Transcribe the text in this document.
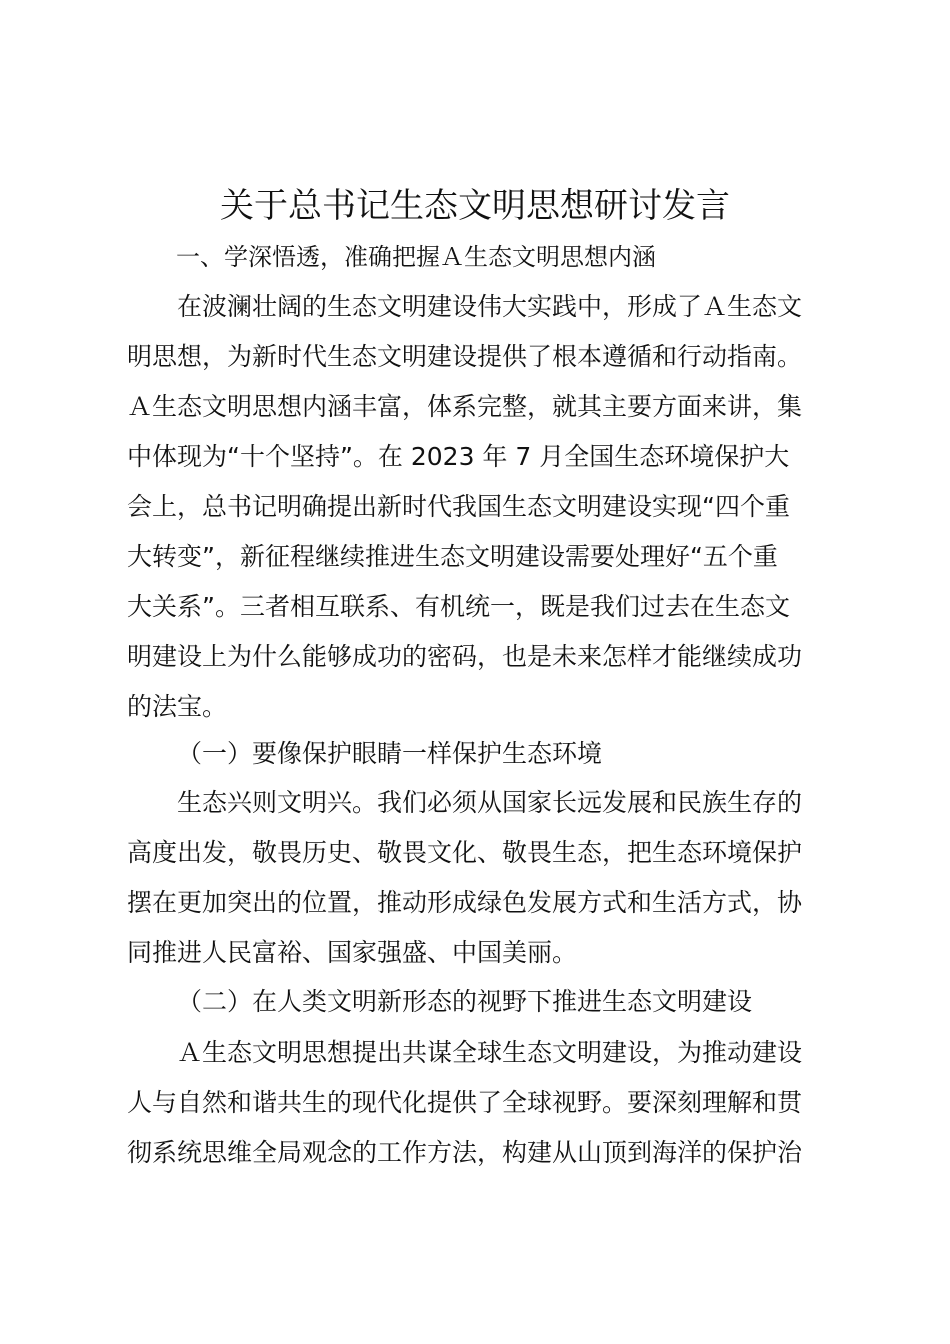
关于总书记生态文明思想研讨发言
一、学深悟透，准确把握Ａ生态文明思想内涵
在波澜壮阔的生态文明建设伟大实践中，形成了Ａ生态文
明思想，为新时代生态文明建设提供了根本遵循和行动指南。
Ａ生态文明思想内涵丰富，体系完整，就其主要方面来讲，集
中体现为“十个坚持”。在 2023 年 7 月全国生态环境保护大
会上，总书记明确提出新时代我国生态文明建设实现“四个重
大转变”，新征程继续推进生态文明建设需要处理好“五个重
大关系”。三者相互联系、有机统一，既是我们过去在生态文
明建设上为什么能够成功的密码，也是未来怎样才能继续成功
的法宝。
（一）要像保护眼睛一样保护生态环境
生态兴则文明兴。我们必须从国家长远发展和民族生存的
高度出发，敬畏历史、敬畏文化、敬畏生态，把生态环境保护
摆在更加突出的位置，推动形成绿色发展方式和生活方式，协
同推进人民富裕、国家强盛、中国美丽。
（二）在人类文明新形态的视野下推进生态文明建设
Ａ生态文明思想提出共谋全球生态文明建设，为推动建设
人与自然和谐共生的现代化提供了全球视野。要深刻理解和贯
彻系统思维全局观念的工作方法，构建从山顶到海洋的保护治
